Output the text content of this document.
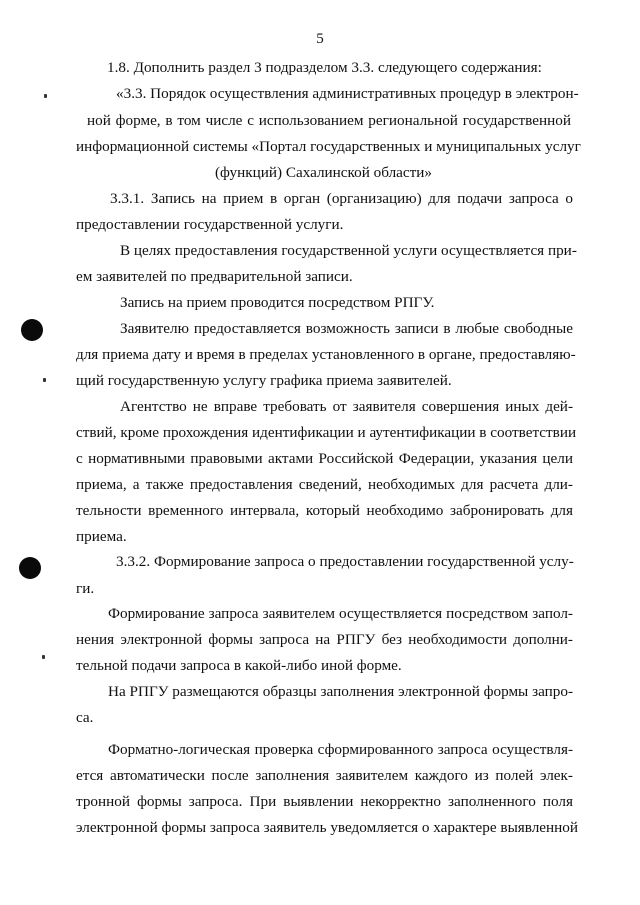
5
1.8. Дополнить раздел 3 подразделом 3.3. следующего содержания:
«3.3. Порядок осуществления административных процедур в электрон-
ной форме, в том числе с использованием региональной государственной
информационной системы «Портал государственных и муниципальных услуг
(функций) Сахалинской области»
3.3.1. Запись на прием в орган (организацию) для подачи запроса о
предоставлении государственной услуги.
В целях предоставления государственной услуги осуществляется при-
ем заявителей по предварительной записи.
Запись на прием проводится посредством РПГУ.
Заявителю предоставляется возможность записи в любые свободные
для приема дату и время в пределах установленного в органе, предоставляю-
щий государственную услугу графика приема заявителей.
Агентство не вправе требовать от заявителя совершения иных дей-
ствий, кроме прохождения идентификации и аутентификации в соответствии
с нормативными правовыми актами Российской Федерации, указания цели
приема, а также предоставления сведений, необходимых для расчета дли-
тельности временного интервала, который необходимо забронировать для
приема.
3.3.2. Формирование запроса о предоставлении государственной услу-
ги.
Формирование запроса заявителем осуществляется посредством запол-
нения электронной формы запроса на РПГУ без необходимости дополни-
тельной подачи запроса в какой-либо иной форме.
На РПГУ размещаются образцы заполнения электронной формы запро-
са.
Форматно-логическая проверка сформированного запроса осуществля-
ется автоматически после заполнения заявителем каждого из полей элек-
тронной формы запроса. При выявлении некорректно заполненного поля
электронной формы запроса заявитель уведомляется о характере выявленной
